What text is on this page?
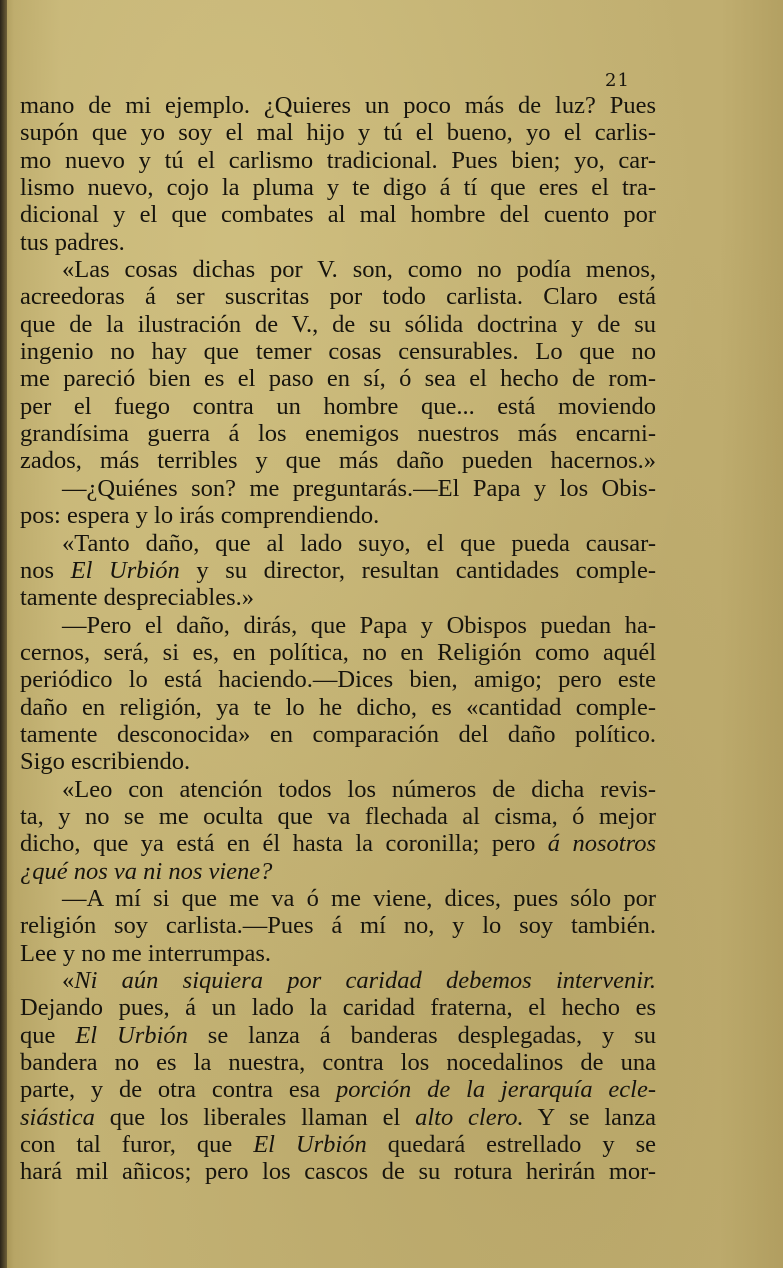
21
mano de mi ejemplo. ¿Quieres un poco más de luz? Pues
supón que yo soy el mal hijo y tú el bueno, yo el carlis-
mo nuevo y tú el carlismo tradicional. Pues bien; yo, car-
lismo nuevo, cojo la pluma y te digo á tí que eres el tra-
dicional y el que combates al mal hombre del cuento por
tus padres.
«Las cosas dichas por V. son, como no podía menos,
acreedoras á ser suscritas por todo carlista. Claro está
que de la ilustración de V., de su sólida doctrina y de su
ingenio no hay que temer cosas censurables. Lo que no
me pareció bien es el paso en sí, ó sea el hecho de rom-
per el fuego contra un hombre que... está moviendo
grandísima guerra á los enemigos nuestros más encarni-
zados, más terribles y que más daño pueden hacernos.»
—¿Quiénes son? me preguntarás.—El Papa y los Obis-
pos: espera y lo irás comprendiendo.
«Tanto daño, que al lado suyo, el que pueda causar-
nos El Urbión y su director, resultan cantidades comple-
tamente despreciables.»
—Pero el daño, dirás, que Papa y Obispos puedan ha-
cernos, será, si es, en política, no en Religión como aquél
periódico lo está haciendo.—Dices bien, amigo; pero este
daño en religión, ya te lo he dicho, es «cantidad comple-
tamente desconocida» en comparación del daño político.
Sigo escribiendo.
«Leo con atención todos los números de dicha revis-
ta, y no se me oculta que va flechada al cisma, ó mejor
dicho, que ya está en él hasta la coronilla; pero á nosotros
¿qué nos va ni nos viene?
—A mí si que me va ó me viene, dices, pues sólo por
religión soy carlista.—Pues á mí no, y lo soy también.
Lee y no me interrumpas.
«Ni aún siquiera por caridad debemos intervenir.
Dejando pues, á un lado la caridad fraterna, el hecho es
que El Urbión se lanza á banderas desplegadas, y su
bandera no es la nuestra, contra los nocedalinos de una
parte, y de otra contra esa porción de la jerarquía ecle-
siástica que los liberales llaman el alto clero. Y se lanza
con tal furor, que El Urbión quedará estrellado y se
hará mil añicos; pero los cascos de su rotura herirán mor-
